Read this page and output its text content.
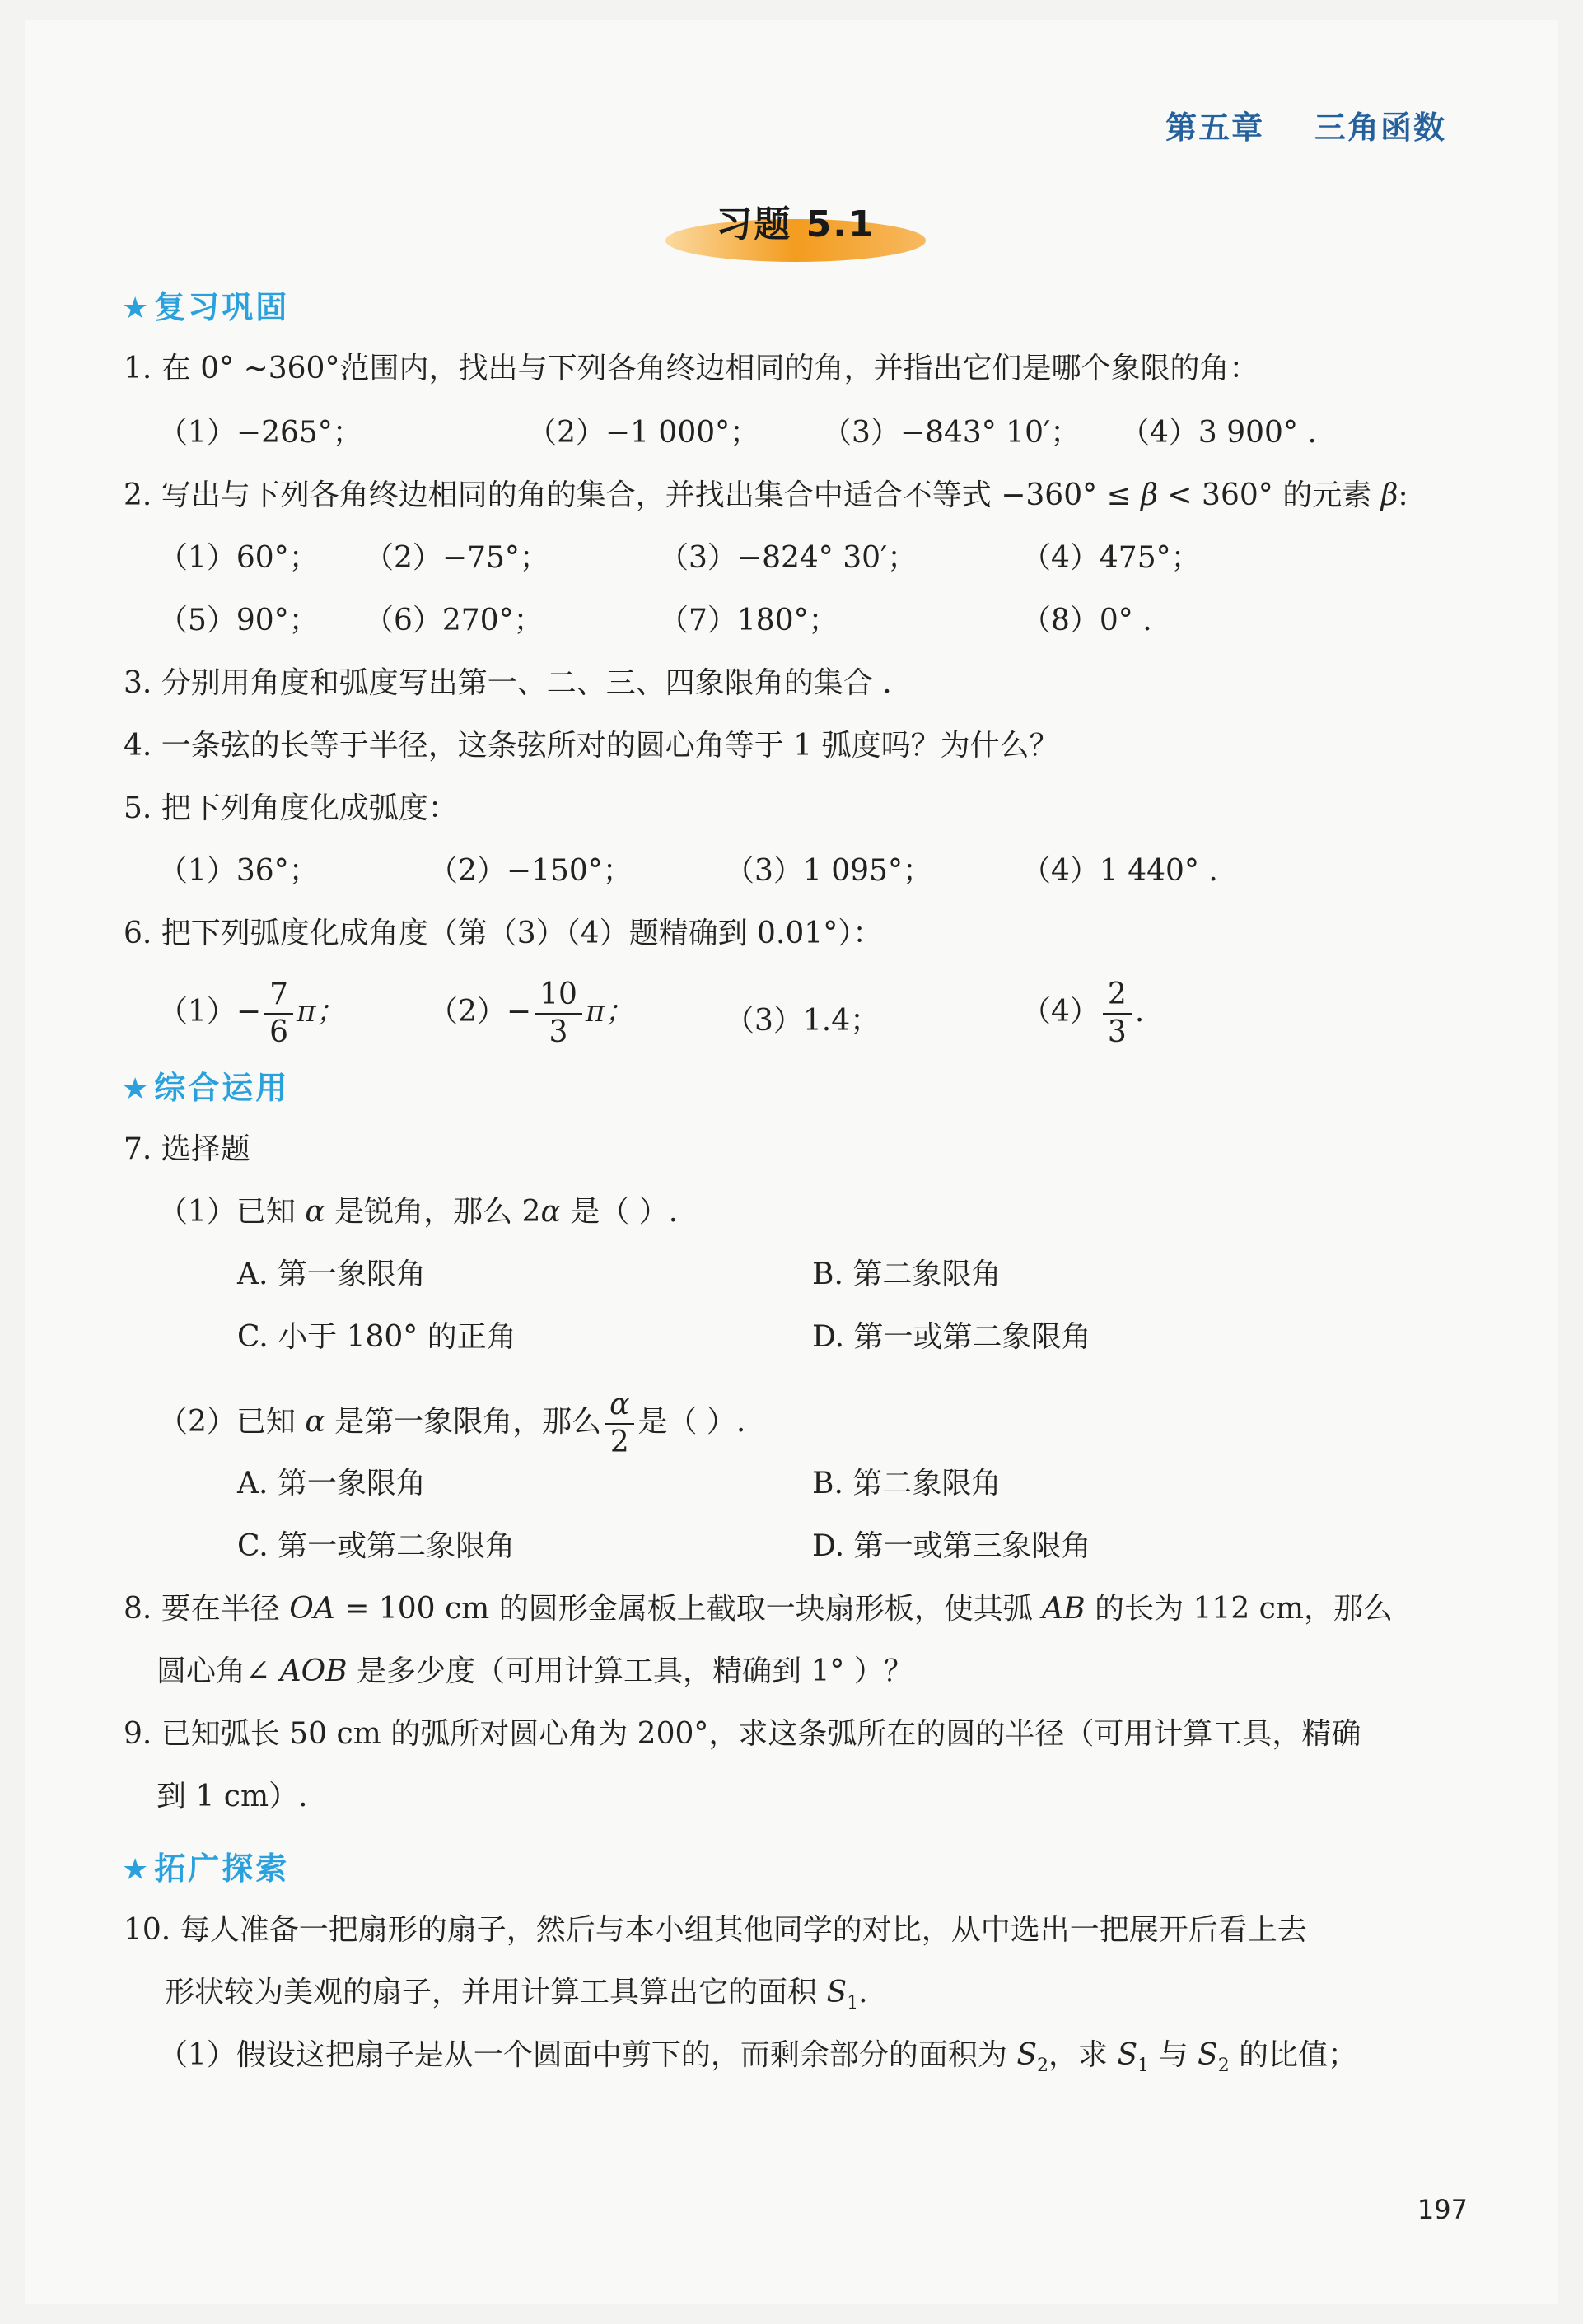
第五章    三角函数
习题 5.1
★ 复习巩固
1. 在 0° ~360°范围内，找出与下列各角终边相同的角，并指出它们是哪个象限的角：
（1）−265°；	（2）−1 000°； （3）−843° 10′； （4）3 900° .
2. 写出与下列各角终边相同的角的集合，并找出集合中适合不等式 −360° ≤ β < 360° 的元素 β:
（1）60°； （2）−75°；	（3）−824° 30′；	（4）475°；
（5）90°； （6）270°；	（7）180°；	（8）0° .
3. 分别用角度和弧度写出第一、二、三、四象限角的集合 .
4. 一条弦的长等于半径，这条弦所对的圆心角等于 1 弧度吗？为什么？
5. 把下列角度化成弧度：
（1）36°；	（2）−150°；	（3）1 095°；	（4）1 440° .
6. 把下列弧度化成角度（第（3）（4）题精确到 0.01°）：
$(1)- \frac{7}{6}$ π；	$(2)- \frac{10}{3}$ π；	（3）1.4；	$(4) \frac{2}{3}$ .
★ 综合运用
7. 选择题
（1）已知 α 是锐角，那么 2α 是（ ）.
A. 第一象限角	B. 第二象限角
C. 小于 180° 的正角	D. 第一或第二象限角
（2）已知 α 是第一象限角，那么 $\frac{\alpha}{2}$ 是（ ）.
A. 第一象限角	B. 第二象限角
C. 第一或第二象限角	D. 第一或第三象限角
8. 要在半径 OA = 100 cm 的圆形金属板上截取一块扇形板，使其弧 AB 的长为 112 cm，那么
圆心角∠ AOB 是多少度（可用计算工具，精确到 1° ）？
9. 已知弧长 50 cm 的弧所对圆心角为 200°，求这条弧所在的圆的半径（可用计算工具，精确
到 1 cm）.
★ 拓广探索
10. 每人准备一把扇形的扇子，然后与本小组其他同学的对比，从中选出一把展开后看上去
形状较为美观的扇子，并用计算工具算出它的面积 $S_1$.
（1）假设这把扇子是从一个圆面中剪下的，而剩余部分的面积为 $S_2$，求 $S_1$ 与 $S_2$ 的比值；
197
